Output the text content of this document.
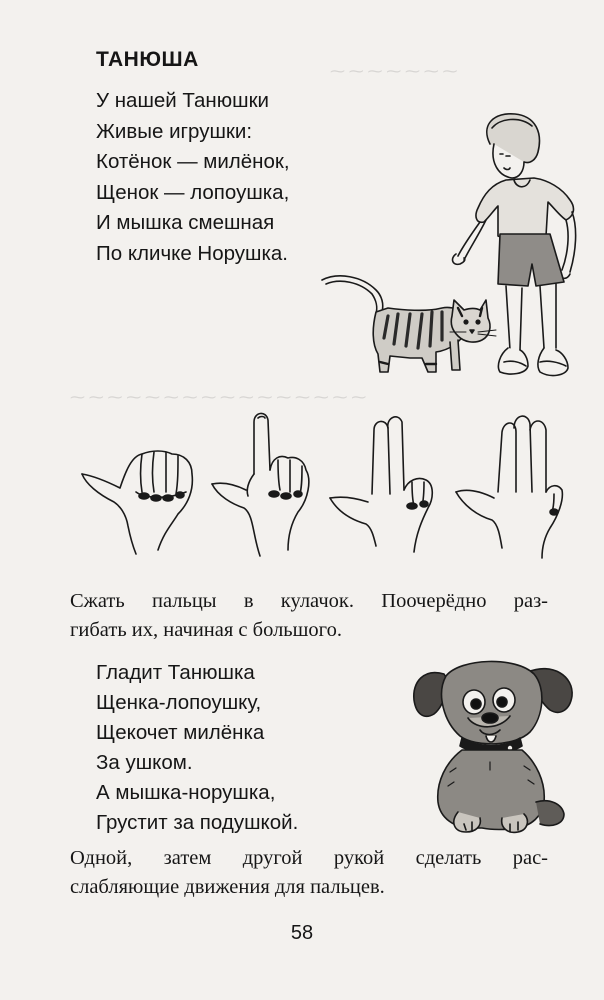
⁓ ⁓ ⁓ ⁓ ⁓ ⁓ ⁓
⁓ ⁓ ⁓ ⁓ ⁓ ⁓ ⁓ ⁓ ⁓ ⁓ ⁓ ⁓ ⁓ ⁓ ⁓ ⁓
ТАНЮША
У нашей Танюшки
Живые игрушки:
Котёнок — милёнок,
Щенок — лопоушка,
И мышка смешная
По кличке Норушка.
Сжать пальцы в кулачок. Поочерёдно раз-
гибать их, начиная с большого.
Гладит Танюшка
Щенка-лопоушку,
Щекочет милёнка
За ушком.
А мышка-норушка,
Грустит за подушкой.
Одной, затем другой рукой сделать рас-
слабляющие движения для пальцев.
58
